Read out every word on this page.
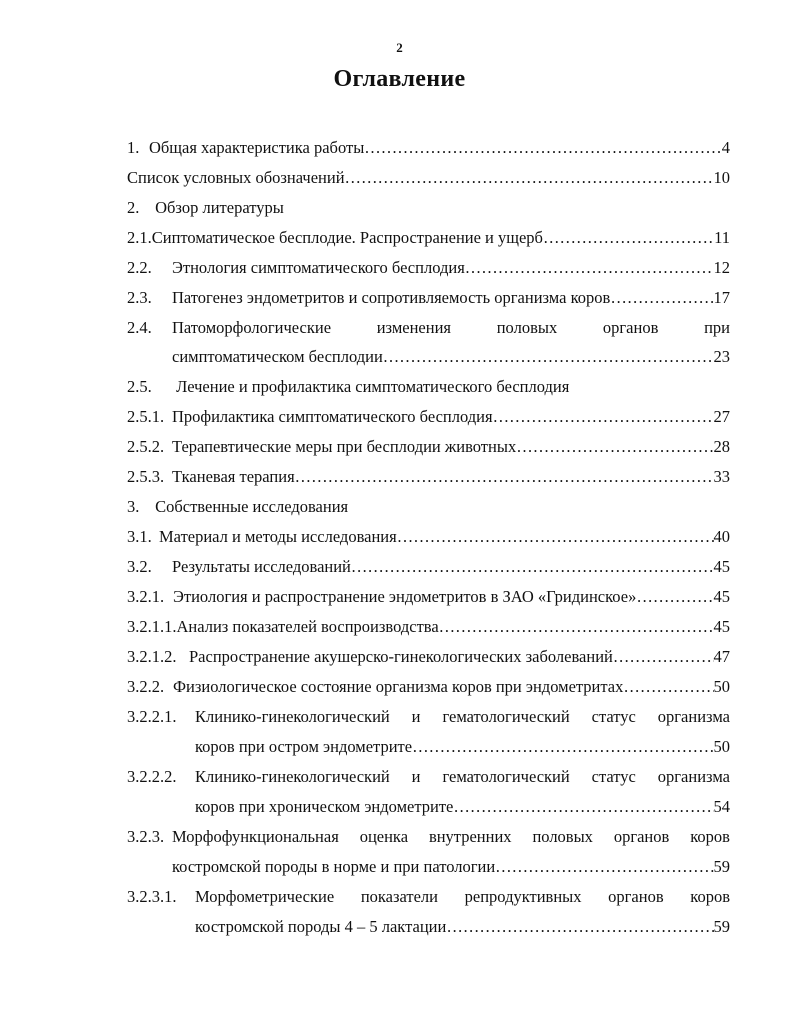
2
Оглавление
1. Общая характеристика работы ……………………………………………………………………………………………………………………………………	4
Список условных обозначений ……………………………………………………………………………………………………………………………………	10
2. Обзор литературы
2.1. Сиптоматическое бесплодие. Распространение и ущерб ……………………………………………………………………………………………………………………………………	11
2.2.	Этнология симптоматического бесплодия ……………………………………………………………………………………………………………………………………	12
2.3.	Патогенез эндометритов и сопротивляемость организма коров ……………………………………………………………………………………………………………………………………	17
2.4.	Патоморфологические	изменения	половых	органов	при
симптоматическом бесплодии ……………………………………………………………………………………………………………………………………	23
2.5. Лечение и профилактика симптоматического бесплодия
2.5.1. Профилактика симптоматического бесплодия ……………………………………………………………………………………………………………………………………	27
2.5.2. Терапевтические меры при бесплодии животных ……………………………………………………………………………………………………………………………………	28
2.5.3. Тканевая терапия ……………………………………………………………………………………………………………………………………	33
3. Собственные исследования
3.1. Материал и методы исследования ……………………………………………………………………………………………………………………………………	40
3.2.	Результаты исследований ……………………………………………………………………………………………………………………………………	45
3.2.1. Этиология и распространение эндометритов в ЗАО «Гридинское» ……………………………………………………………………………………………………………………………………	45
3.2.1.1. Анализ показателей воспроизводства ……………………………………………………………………………………………………………………………………	45
3.2.1.2. Распространение акушерско-гинекологических заболеваний ……………………………………………………………………………………………………………………………………	47
3.2.2. Физиологическое состояние организма коров при эндометритах ……………………………………………………………………………………………………………………………………	50
3.2.2.1.	Клинико-гинекологический и гематологический статус организма
коров при остром эндометрите ……………………………………………………………………………………………………………………………………	50
3.2.2.2.	Клинико-гинекологический и гематологический статус организма
коров при хроническом эндометрите ……………………………………………………………………………………………………………………………………	54
3.2.3. Морфофункциональная оценка внутренних половых органов коров
костромской породы в норме и при патологии ……………………………………………………………………………………………………………………………………	59
3.2.3.1.	Морфометрические показатели репродуктивных органов коров
костромской породы 4 – 5 лактации ……………………………………………………………………………………………………………………………………	59
